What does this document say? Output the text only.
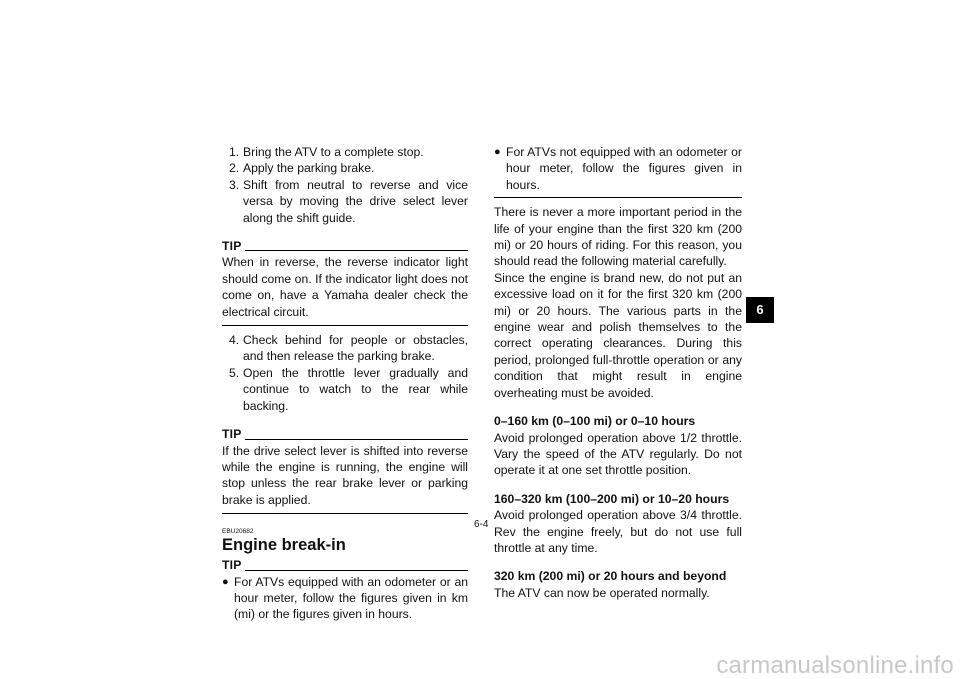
1. Bring the ATV to a complete stop.
2. Apply the parking brake.
3. Shift from neutral to reverse and vice versa by moving the drive select lever along the shift guide.
TIP

When in reverse, the reverse indicator light should come on. If the indicator light does not come on, have a Yamaha dealer check the electrical circuit.

4. Check behind for people or obstacles, and then release the parking brake.
5. Open the throttle lever gradually and continue to watch to the rear while backing.
TIP

If the drive select lever is shifted into reverse while the engine is running, the engine will stop unless the rear brake lever or parking brake is applied.

EBU20682
Engine break-in
TIP
● For ATVs equipped with an odometer or an hour meter, follow the figures given in km (mi) or the figures given in hours.
● For ATVs not equipped with an odometer or hour meter, follow the figures given in hours.

There is never a more important period in the life of your engine than the first 320 km (200 mi) or 20 hours of riding. For this reason, you should read the following material carefully.

Since the engine is brand new, do not put an excessive load on it for the first 320 km (200 mi) or 20 hours. The various parts in the engine wear and polish themselves to the correct operating clearances. During this period, prolonged full-throttle operation or any condition that might result in engine overheating must be avoided.

0–160 km (0–100 mi) or 0–10 hours

Avoid prolonged operation above 1/2 throttle. Vary the speed of the ATV regularly. Do not operate it at one set throttle position.

160–320 km (100–200 mi) or 10–20 hours

Avoid prolonged operation above 3/4 throttle. Rev the engine freely, but do not use full throttle at any time.

320 km (200 mi) or 20 hours and beyond

The ATV can now be operated normally.

6
6-4
carmanualsonline.info
